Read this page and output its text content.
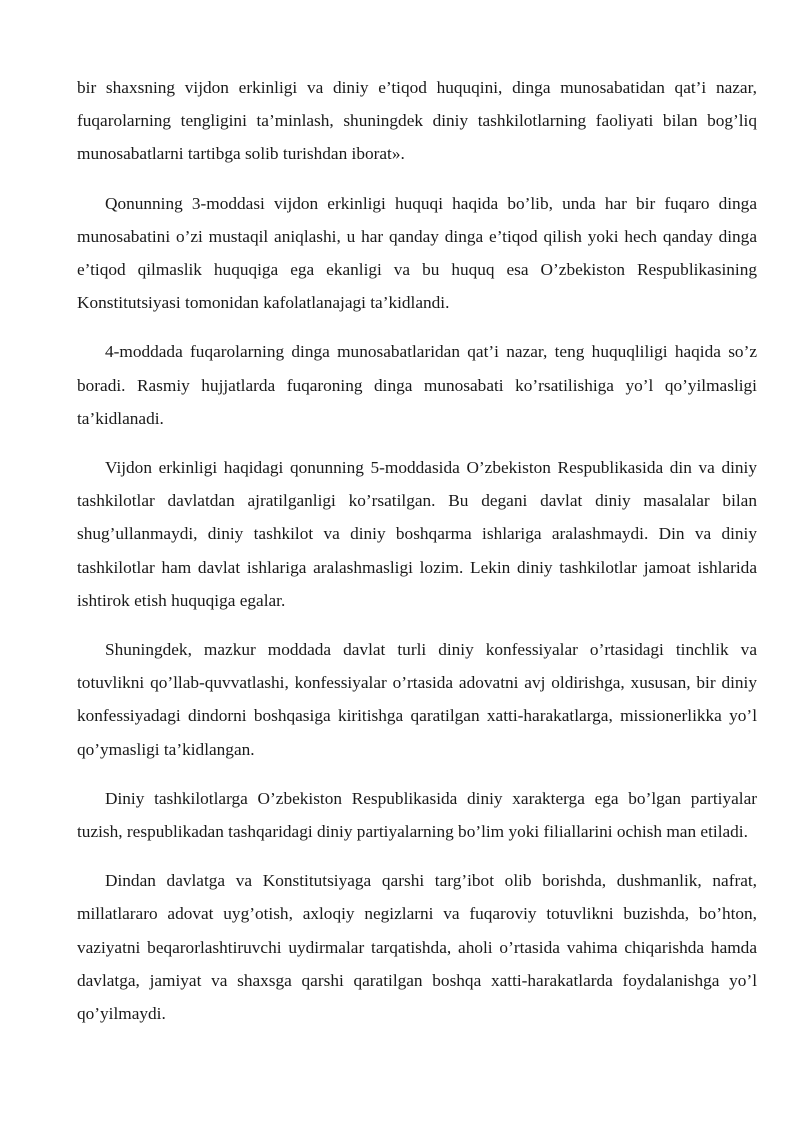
bir shaxsning vijdon erkinligi va diniy e’tiqod huquqini, dinga munosabatidan qat’i nazar, fuqarolarning tengligini ta’minlash, shuningdek diniy tashkilotlarning faoliyati bilan bog’liq munosabatlarni tartibga solib turishdan iborat».

Qonunning 3-moddasi vijdon erkinligi huquqi haqida bo’lib, unda har bir fuqaro dinga munosabatini o’zi mustaqil aniqlashi, u har qanday dinga e’tiqod qilish yoki hech qanday dinga e’tiqod qilmaslik huquqiga ega ekanligi va bu huquq esa O’zbekiston Respublikasining Konstitutsiyasi tomonidan kafolatlanajagi ta’kidlandi.

4-moddada fuqarolarning dinga munosabatlaridan qat’i nazar, teng huquqliligi haqida so’z boradi. Rasmiy hujjatlarda fuqaroning dinga munosabati ko’rsatilishiga yo’l qo’yilmasligi ta’kidlanadi.

Vijdon erkinligi haqidagi qonunning 5-moddasida O’zbekiston Respublikasida din va diniy tashkilotlar davlatdan ajratilganligi ko’rsatilgan. Bu degani davlat diniy masalalar bilan shug’ullanmaydi, diniy tashkilot va diniy boshqarma ishlariga aralashmaydi. Din va diniy tashkilotlar ham davlat ishlariga aralashmasligi lozim. Lekin diniy tashkilotlar jamoat ishlarida ishtirok etish huquqiga egalar.

Shuningdek, mazkur moddada davlat turli diniy konfessiyalar o’rtasidagi tinchlik va totuvlikni qo’llab-quvvatlashi, konfessiyalar o’rtasida adovatni avj oldirishga, xususan, bir diniy konfessiyadagi dindorni boshqasiga kiritishga qaratilgan xatti-harakatlarga, missionerlikka yo’l qo’ymasligi ta’kidlangan.

Diniy tashkilotlarga O’zbekiston Respublikasida diniy xarakterga ega bo’lgan partiyalar tuzish, respublikadan tashqaridagi diniy partiyalarning bo’lim yoki filiallarini ochish man etiladi.

Dindan davlatga va Konstitutsiyaga qarshi targ’ibot olib borishda, dushmanlik, nafrat, millatlararo adovat uyg’otish, axloqiy negizlarni va fuqaroviy totuvlikni buzishda, bo’hton, vaziyatni beqarorlashtiruvchi uydirmalar tarqatishda, aholi o’rtasida vahima chiqarishda hamda davlatga, jamiyat va shaxsga qarshi qaratilgan boshqa xatti-harakatlarda foydalanishga yo’l qo’yilmaydi.
